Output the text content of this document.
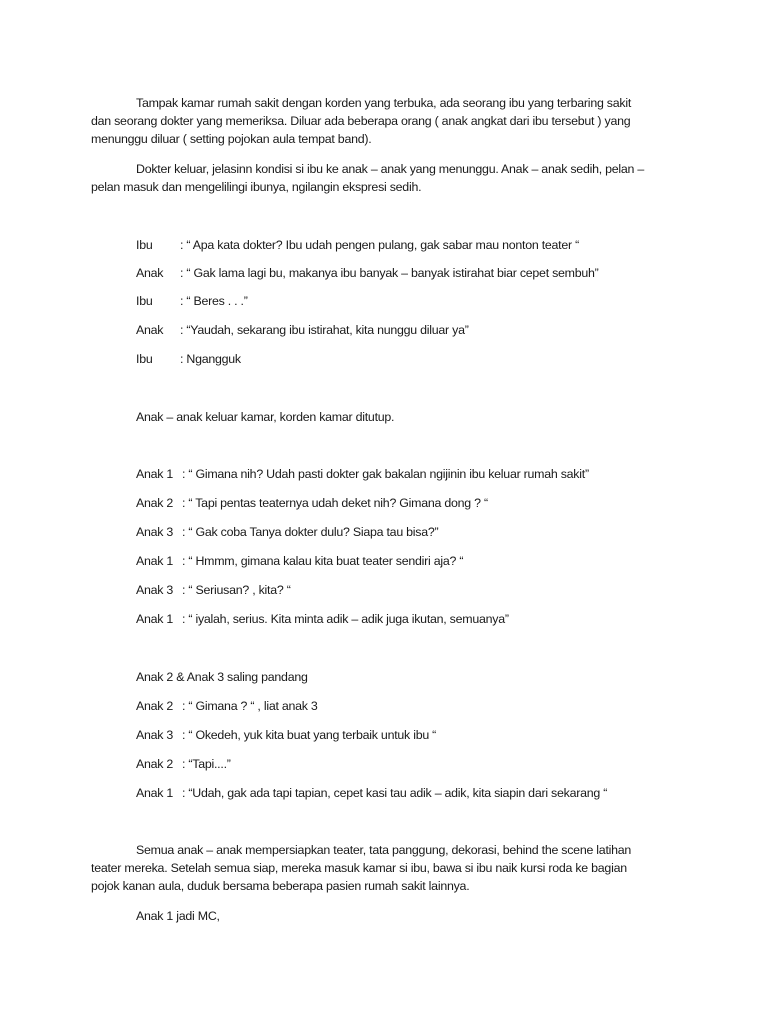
Tampak kamar rumah sakit dengan korden yang terbuka, ada seorang ibu yang terbaring sakit
dan seorang dokter yang memeriksa. Diluar ada beberapa orang ( anak angkat dari ibu tersebut ) yang
menunggu diluar ( setting pojokan aula tempat band).

Dokter keluar, jelasinn kondisi si ibu ke anak – anak yang menunggu. Anak – anak sedih, pelan –
pelan masuk dan mengelilingi ibunya, ngilangin ekspresi sedih.

Ibu : “ Apa kata dokter? Ibu udah pengen pulang, gak sabar mau nonton teater “
Anak : “ Gak lama lagi bu, makanya ibu banyak – banyak istirahat biar cepet sembuh”
Ibu : “ Beres . . .”
Anak : “Yaudah, sekarang ibu istirahat, kita nunggu diluar ya”
Ibu : Ngangguk
Anak – anak keluar kamar, korden kamar ditutup.
Anak 1 : “ Gimana nih? Udah pasti dokter gak bakalan ngijinin ibu keluar rumah sakit”
Anak 2 : “ Tapi pentas teaternya udah deket nih? Gimana dong ? “
Anak 3 : “ Gak coba Tanya dokter dulu? Siapa tau bisa?”
Anak 1 : “ Hmmm, gimana kalau kita buat teater sendiri aja? “
Anak 3 : “ Seriusan? , kita? “
Anak 1 : “ iyalah, serius. Kita minta adik – adik juga ikutan, semuanya”
Anak 2 & Anak 3 saling pandang
Anak 2 : “ Gimana ? “ , liat anak 3
Anak 3 : “ Okedeh, yuk kita buat yang terbaik untuk ibu “
Anak 2 : “Tapi....”
Anak 1 : “Udah, gak ada tapi tapian, cepet kasi tau adik – adik, kita siapin dari sekarang “

Semua anak – anak mempersiapkan teater, tata panggung, dekorasi, behind the scene latihan
teater mereka. Setelah semua siap, mereka masuk kamar si ibu, bawa si ibu naik kursi roda ke bagian
pojok kanan aula, duduk bersama beberapa pasien rumah sakit lainnya.

Anak 1 jadi MC,
